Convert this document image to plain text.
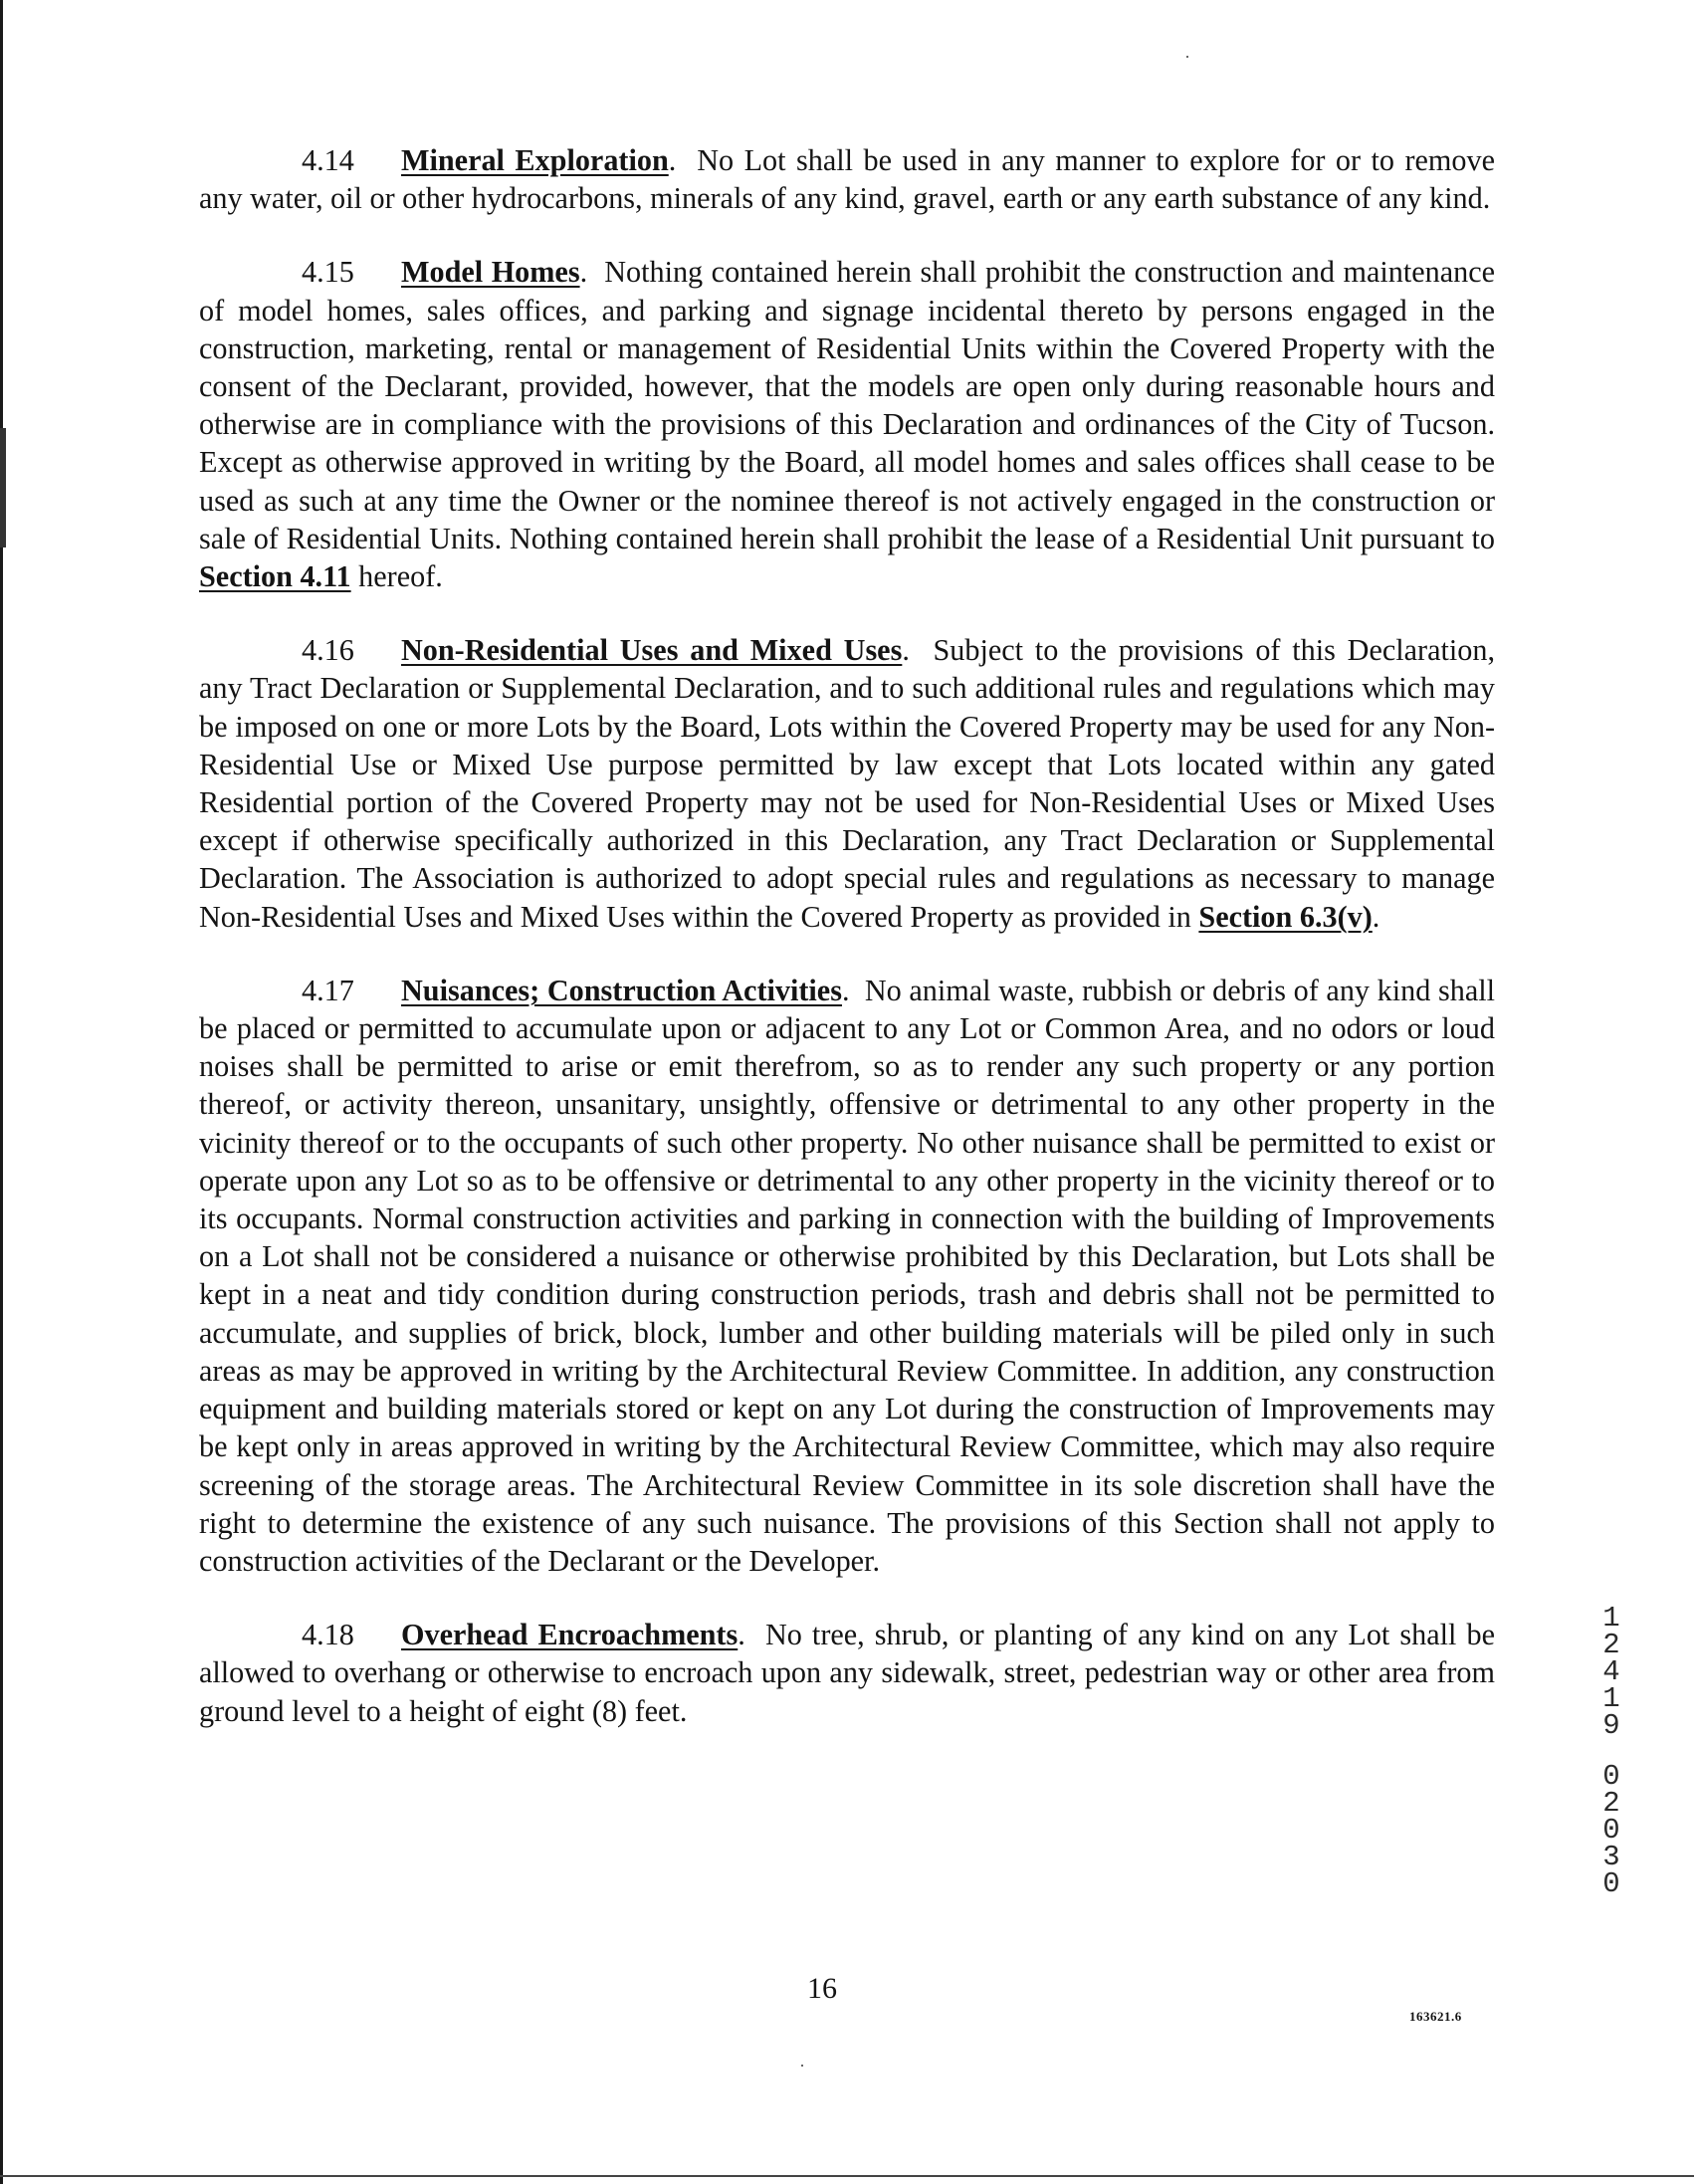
4.14 Mineral Exploration. No Lot shall be used in any manner to explore for or to remove any water, oil or other hydrocarbons, minerals of any kind, gravel, earth or any earth substance of any kind.

4.15 Model Homes. Nothing contained herein shall prohibit the construction and maintenance of model homes, sales offices, and parking and signage incidental thereto by persons engaged in the construction, marketing, rental or management of Residential Units within the Covered Property with the consent of the Declarant, provided, however, that the models are open only during reasonable hours and otherwise are in compliance with the provisions of this Declaration and ordinances of the City of Tucson. Except as otherwise approved in writing by the Board, all model homes and sales offices shall cease to be used as such at any time the Owner or the nominee thereof is not actively engaged in the construction or sale of Residential Units. Nothing contained herein shall prohibit the lease of a Residential Unit pursuant to Section 4.11 hereof.

4.16 Non-Residential Uses and Mixed Uses. Subject to the provisions of this Declaration, any Tract Declaration or Supplemental Declaration, and to such additional rules and regulations which may be imposed on one or more Lots by the Board, Lots within the Covered Property may be used for any Non-Residential Use or Mixed Use purpose permitted by law except that Lots located within any gated Residential portion of the Covered Property may not be used for Non-Residential Uses or Mixed Uses except if otherwise specifically authorized in this Declaration, any Tract Declaration or Supplemental Declaration. The Association is authorized to adopt special rules and regulations as necessary to manage Non-Residential Uses and Mixed Uses within the Covered Property as provided in Section 6.3(v).

4.17 Nuisances; Construction Activities. No animal waste, rubbish or debris of any kind shall be placed or permitted to accumulate upon or adjacent to any Lot or Common Area, and no odors or loud noises shall be permitted to arise or emit therefrom, so as to render any such property or any portion thereof, or activity thereon, unsanitary, unsightly, offensive or detrimental to any other property in the vicinity thereof or to the occupants of such other property. No other nuisance shall be permitted to exist or operate upon any Lot so as to be offensive or detrimental to any other property in the vicinity thereof or to its occupants. Normal construction activities and parking in connection with the building of Improvements on a Lot shall not be considered a nuisance or otherwise prohibited by this Declaration, but Lots shall be kept in a neat and tidy condition during construction periods, trash and debris shall not be permitted to accumulate, and supplies of brick, block, lumber and other building materials will be piled only in such areas as may be approved in writing by the Architectural Review Committee. In addition, any construction equipment and building materials stored or kept on any Lot during the construction of Improvements may be kept only in areas approved in writing by the Architectural Review Committee, which may also require screening of the storage areas. The Architectural Review Committee in its sole discretion shall have the right to determine the existence of any such nuisance. The provisions of this Section shall not apply to construction activities of the Declarant or the Developer.

4.18 Overhead Encroachments. No tree, shrub, or planting of any kind on any Lot shall be allowed to overhang or otherwise to encroach upon any sidewalk, street, pedestrian way or other area from ground level to a height of eight (8) feet.

1
2
4
1
9
0
2
0
3
0
16
163621.6
